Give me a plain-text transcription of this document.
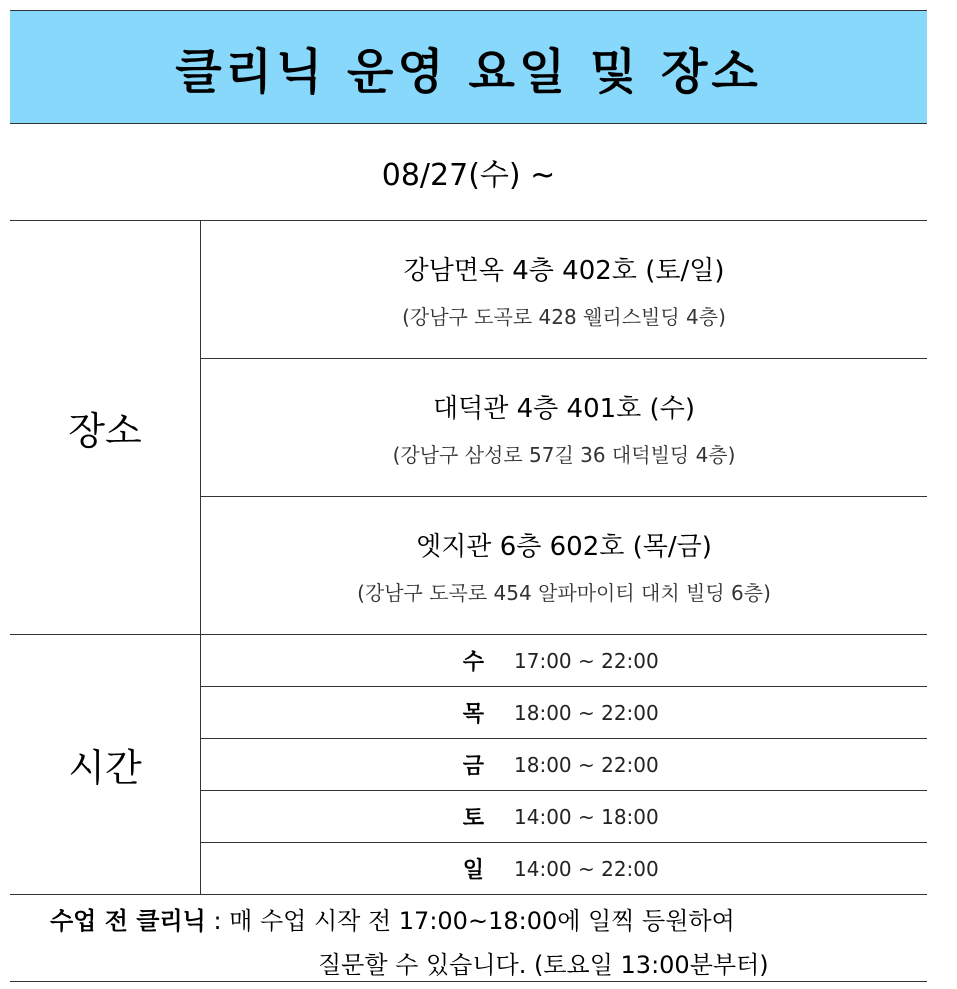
클리닉 운영 요일 및 장소
08/27(수) ~
장소
강남면옥 4층 402호 (토/일)
(강남구 도곡로 428 웰리스빌딩 4층)
대덕관 4층 401호 (수)
(강남구 삼성로 57길 36 대덕빌딩 4층)
엣지관 6층 602호 (목/금)
(강남구 도곡로 454 알파마이티 대치 빌딩 6층)
시간
수 17:00 ~ 22:00
목 18:00 ~ 22:00
금 18:00 ~ 22:00
토 14:00 ~ 18:00
일 14:00 ~ 22:00
수업 전 클리닉 : 매 수업 시작 전 17:00~18:00에 일찍 등원하여
질문할 수 있습니다. (토요일 13:00분부터)
